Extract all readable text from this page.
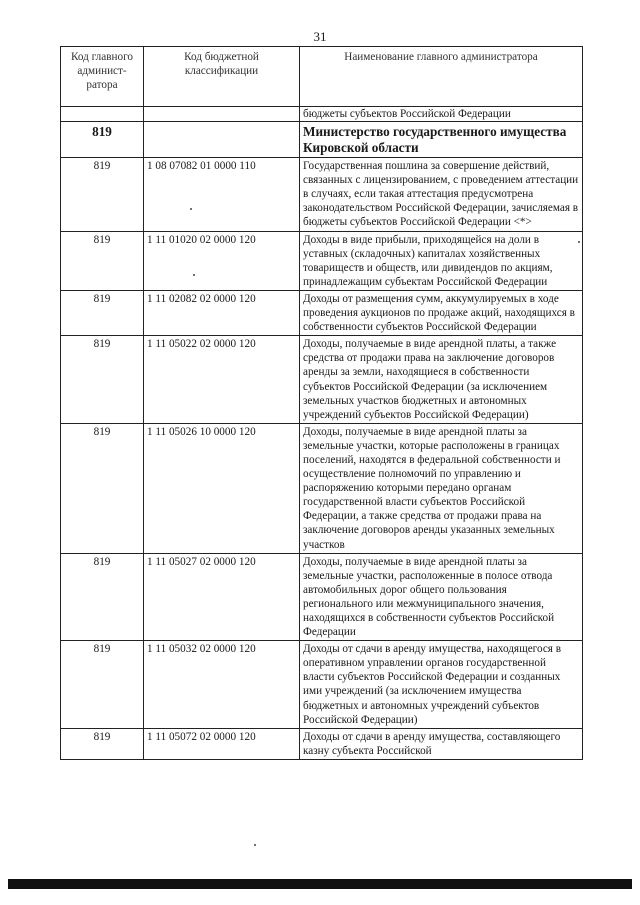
31
Код главного админист-ратора	Код бюджетной классификации	Наименование главного администратора
		бюджеты субъектов Российской Федерации
819		Министерство государственного имущества Кировской области
819	1 08 07082 01 0000 110	Государственная пошлина за совершение действий, связанных с лицензированием, с проведением аттестации в случаях, если такая аттестация предусмотрена законодательством Российской Федерации, зачисляемая в бюджеты субъектов Российской Федерации <*>
819	1 11 01020 02 0000 120	Доходы в виде прибыли, приходящейся на доли в уставных (складочных) капиталах хозяйственных товариществ и обществ, или дивидендов по акциям, принадлежащим субъектам Российской Федерации
819	1 11 02082 02 0000 120	Доходы от размещения сумм, аккумулируемых в ходе проведения аукционов по продаже акций, находящихся в собственности субъектов Российской Федерации
819	1 11 05022 02 0000 120	Доходы, получаемые в виде арендной платы, а также средства от продажи права на заключение договоров аренды за земли, находящиеся в собственности субъектов Российской Федерации (за исключением земельных участков бюджетных и автономных учреждений субъектов Российской Федерации)
819	1 11 05026 10 0000 120	Доходы, получаемые в виде арендной платы за земельные участки, которые расположены в границах поселений, находятся в федеральной собственности и осуществление полномочий по управлению и распоряжению которыми передано органам государственной власти субъектов Российской Федерации, а также средства от продажи права на заключение договоров аренды указанных земельных участков
819	1 11 05027 02 0000 120	Доходы, получаемые в виде арендной платы за земельные участки, расположенные в полосе отвода автомобильных дорог общего пользования регионального или межмуниципального значения, находящихся в собственности субъектов Российской Федерации
819	1 11 05032 02 0000 120	Доходы от сдачи в аренду имущества, находящегося в оперативном управлении органов государственной власти субъектов Российской Федерации и созданных ими учреждений (за исключением имущества бюджетных и автономных учреждений субъектов Российской Федерации)
819	1 11 05072 02 0000 120	Доходы от сдачи в аренду имущества, составляющего казну субъекта Российской
